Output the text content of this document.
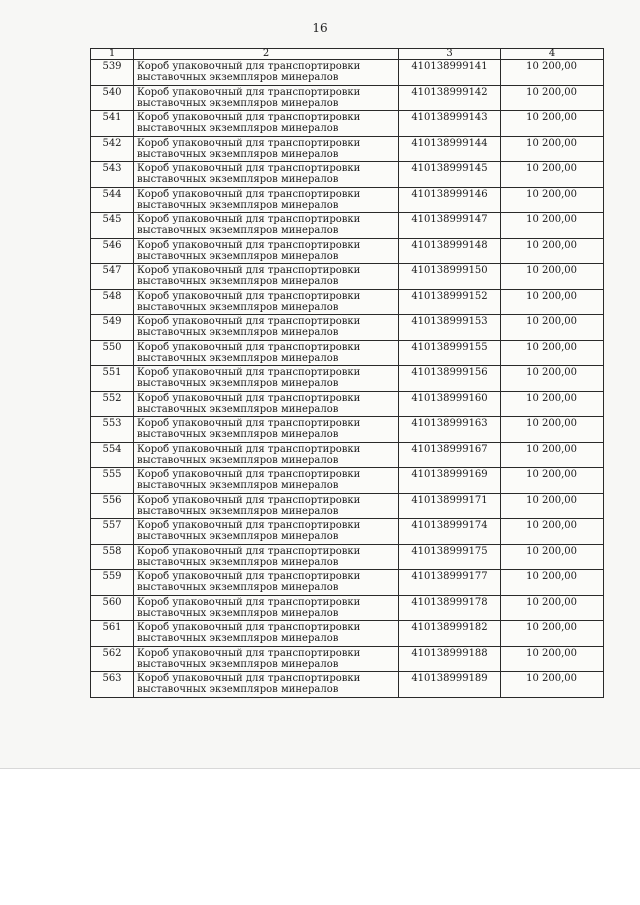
16
1	2	3	4
539	Короб упаковочный для транспортировки выставочных экземпляров минералов	410138999141	10 200,00
540	Короб упаковочный для транспортировки выставочных экземпляров минералов	410138999142	10 200,00
541	Короб упаковочный для транспортировки выставочных экземпляров минералов	410138999143	10 200,00
542	Короб упаковочный для транспортировки выставочных экземпляров минералов	410138999144	10 200,00
543	Короб упаковочный для транспортировки выставочных экземпляров минералов	410138999145	10 200,00
544	Короб упаковочный для транспортировки выставочных экземпляров минералов	410138999146	10 200,00
545	Короб упаковочный для транспортировки выставочных экземпляров минералов	410138999147	10 200,00
546	Короб упаковочный для транспортировки выставочных экземпляров минералов	410138999148	10 200,00
547	Короб упаковочный для транспортировки выставочных экземпляров минералов	410138999150	10 200,00
548	Короб упаковочный для транспортировки выставочных экземпляров минералов	410138999152	10 200,00
549	Короб упаковочный для транспортировки выставочных экземпляров минералов	410138999153	10 200,00
550	Короб упаковочный для транспортировки выставочных экземпляров минералов	410138999155	10 200,00
551	Короб упаковочный для транспортировки выставочных экземпляров минералов	410138999156	10 200,00
552	Короб упаковочный для транспортировки выставочных экземпляров минералов	410138999160	10 200,00
553	Короб упаковочный для транспортировки выставочных экземпляров минералов	410138999163	10 200,00
554	Короб упаковочный для транспортировки выставочных экземпляров минералов	410138999167	10 200,00
555	Короб упаковочный для транспортировки выставочных экземпляров минералов	410138999169	10 200,00
556	Короб упаковочный для транспортировки выставочных экземпляров минералов	410138999171	10 200,00
557	Короб упаковочный для транспортировки выставочных экземпляров минералов	410138999174	10 200,00
558	Короб упаковочный для транспортировки выставочных экземпляров минералов	410138999175	10 200,00
559	Короб упаковочный для транспортировки выставочных экземпляров минералов	410138999177	10 200,00
560	Короб упаковочный для транспортировки выставочных экземпляров минералов	410138999178	10 200,00
561	Короб упаковочный для транспортировки выставочных экземпляров минералов	410138999182	10 200,00
562	Короб упаковочный для транспортировки выставочных экземпляров минералов	410138999188	10 200,00
563	Короб упаковочный для транспортировки выставочных экземпляров минералов	410138999189	10 200,00
